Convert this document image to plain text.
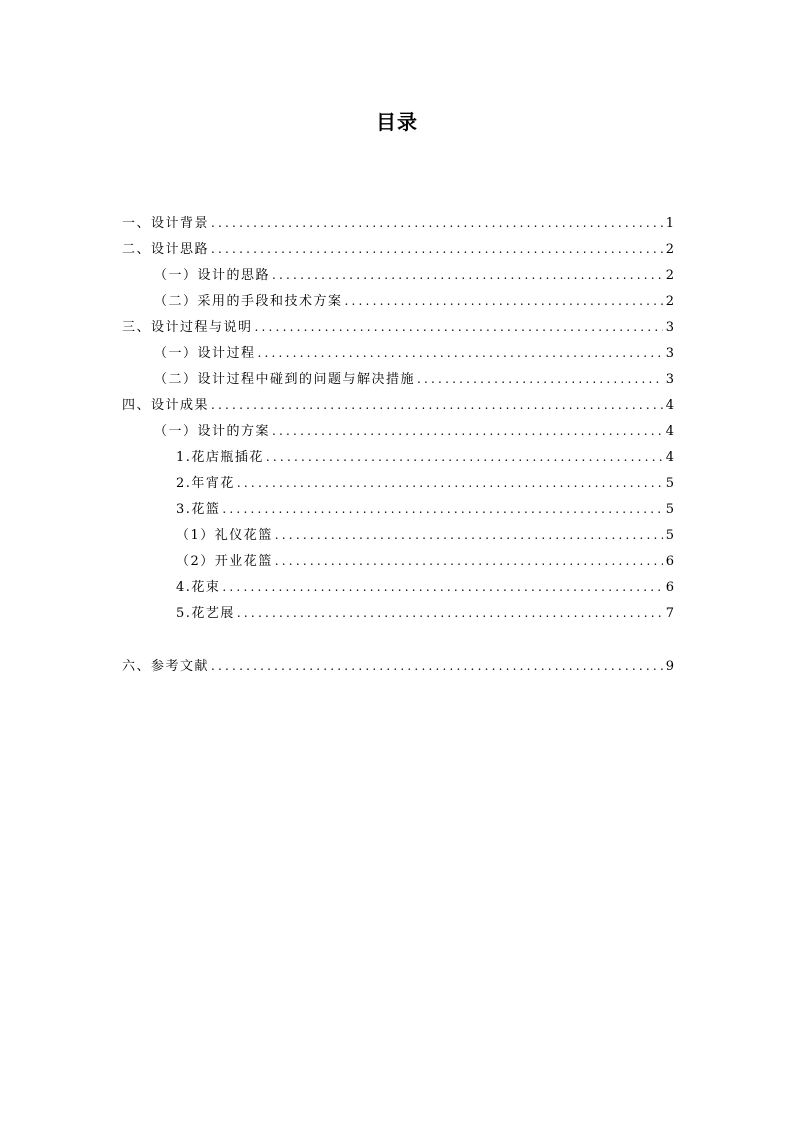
目录
一、设计背景 .....	1
二、设计思路 .....	2
（一）设计的思路 .....	2
（二）采用的手段和技术方案 .....	2
三、设计过程与说明 .....	3
（一）设计过程 .....	3
（二）设计过程中碰到的问题与解决措施 .....	3
四、设计成果 .....	4
（一）设计的方案 .....	4
1.花店瓶插花 .....	4
2.年宵花 .....	5
3.花篮 .....	5
（1）礼仪花篮 .....	5
（2）开业花篮 .....	6
4.花束 .....	6
5.花艺展 .....	7
六、参考文献 .....	9
